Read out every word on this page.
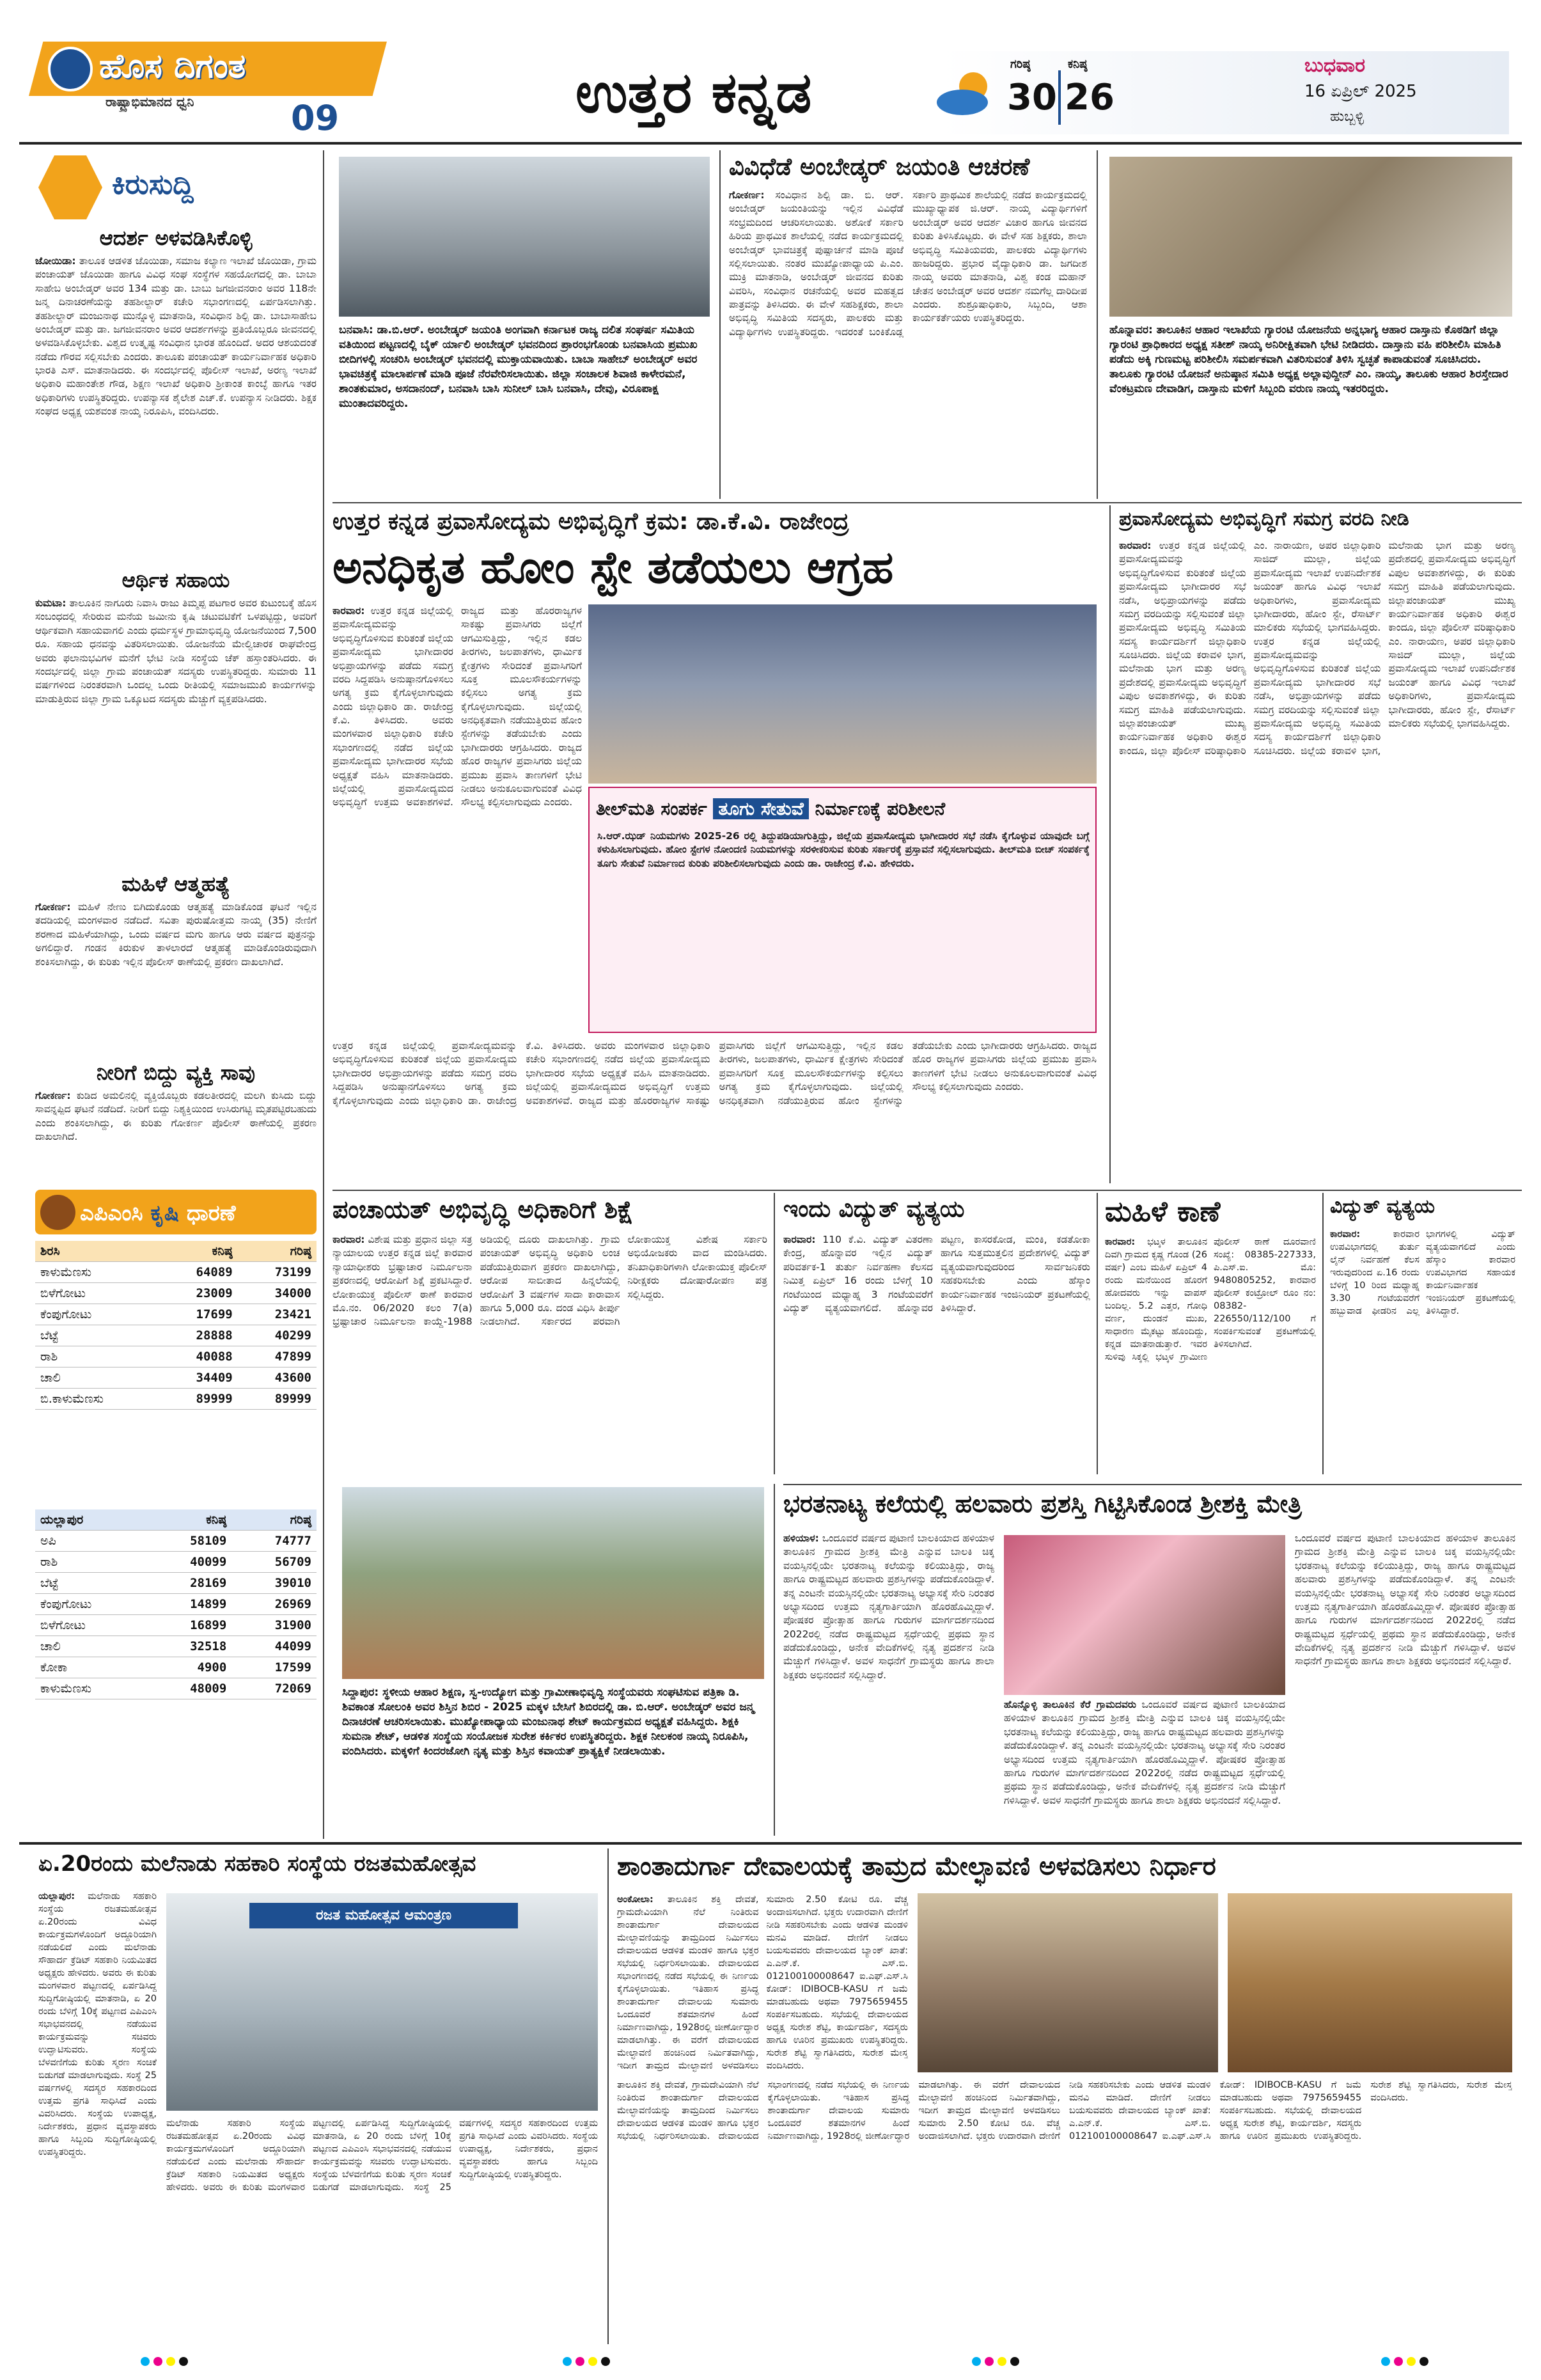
ಹೊಸ ದಿಗಂತ
ರಾಷ್ಟ್ರಾಭಿಮಾನದ ಧ್ವನಿ	09	ಉತ್ತರ ಕನ್ನಡ	ಗರಿಷ್ಠ
30
ಕನಿಷ್ಠ
26
ಬುಧವಾರ
16 ಏಪ್ರಿಲ್ 2025
ಹುಬ್ಬಳ್ಳಿ
ಕಿರುಸುದ್ದಿ
ಆದರ್ಶ ಅಳವಡಿಸಿಕೊಳ್ಳಿ
ಜೋಯಿಡಾ: ತಾಲೂಕ ಆಡಳಿತ ಜೊಯಿಡಾ, ಸಮಾಜ ಕಲ್ಯಾಣ ಇಲಾಖೆ ಜೊಯಿಡಾ, ಗ್ರಾಮ ಪಂಚಾಯತ್ ಜೊಯಿಡಾ ಹಾಗೂ ವಿವಿಧ ಸಂಘ ಸಂಸ್ಥೆಗಳ ಸಹಯೋಗದಲ್ಲಿ ಡಾ. ಬಾಬಾ ಸಾಹೇಬ ಅಂಬೇಡ್ಕರ್ ಅವರ 134 ಮತ್ತು ಡಾ. ಬಾಬು ಜಗಜೀವನರಾಂ ಅವರ 118ನೇ ಜನ್ಮ ದಿನಾಚರಣೆಯನ್ನು ತಹಶೀಲ್ದಾರ್ ಕಚೇರಿ ಸಭಾಂಗಣದಲ್ಲಿ ಏರ್ಪಡಿಸಲಾಗಿತ್ತು. ತಹಶೀಲ್ದಾರ್ ಮಂಜುನಾಥ ಮುನ್ನೊಳ್ಳಿ ಮಾತನಾಡಿ, ಸಂವಿಧಾನ ಶಿಲ್ಪಿ ಡಾ. ಬಾಬಾಸಾಹೇಬ ಅಂಬೇಡ್ಕರ್ ಮತ್ತು ಡಾ. ಜಗಜೀವನರಾಂ ಅವರ ಆದರ್ಶಗಳನ್ನು ಪ್ರತಿಯೊಬ್ಬರೂ ಜೀವನದಲ್ಲಿ ಅಳವಡಿಸಿಕೊಳ್ಳಬೇಕು. ವಿಶ್ವದ ಉತ್ಕೃಷ್ಟ ಸಂವಿಧಾನ ಭಾರತ ಹೊಂದಿದೆ. ಅದರ ಆಶಯದಂತೆ ನಡೆದು ಗೌರವ ಸಲ್ಲಿಸಬೇಕು ಎಂದರು. ತಾಲೂಕು ಪಂಚಾಯತ್ ಕಾರ್ಯನಿರ್ವಾಹಕ ಅಧಿಕಾರಿ ಭಾರತಿ ಎಸ್. ಮಾತನಾಡಿದರು. ಈ ಸಂದರ್ಭದಲ್ಲಿ ಪೊಲೀಸ್ ಇಲಾಖೆ, ಅರಣ್ಯ ಇಲಾಖೆ ಅಧಿಕಾರಿ ಮಹಾಂತೇಶ ಗೌಡ, ಶಿಕ್ಷಣ ಇಲಾಖೆ ಅಧಿಕಾರಿ ಶ್ರೀಕಾಂತ ಕಾಂಬ್ಳೆ ಹಾಗೂ ಇತರ ಅಧಿಕಾರಿಗಳು ಉಪಸ್ಥಿತರಿದ್ದರು. ಉಪನ್ಯಾಸಕ ಶೈಲೇಶ ಎಚ್.ಕೆ. ಉಪನ್ಯಾಸ ನೀಡಿದರು. ಶಿಕ್ಷಕ ಸಂಘದ ಅಧ್ಯಕ್ಷ ಯಶವಂತ ನಾಯ್ಕ ನಿರೂಪಿಸಿ, ವಂದಿಸಿದರು.
ಆರ್ಥಿಕ ಸಹಾಯ
ಕುಮಟಾ: ತಾಲೂಕಿನ ನಾಗೂರು ನಿವಾಸಿ ರಾಜು ತಿಮ್ಮಪ್ಪ ಪಟಗಾರ ಅವರ ಕುಟುಂಬಕ್ಕೆ ಹೊಸ ಸಂಬಂಧದಲ್ಲಿ ಸೇರಿರುವ ಮನೆಯ ಜಮೀನು ಕೃಷಿ ಚಟುವಟಿಕೆಗೆ ಒಳಪಟ್ಟಿದ್ದು, ಅವರಿಗೆ ಆರ್ಥಿಕವಾಗಿ ಸಹಾಯವಾಗಲಿ ಎಂದು ಧರ್ಮಸ್ಥಳ ಗ್ರಾಮಾಭಿವೃದ್ಧಿ ಯೋಜನೆಯಿಂದ 7,500 ರೂ. ಸಹಾಯ ಧನವನ್ನು ವಿತರಿಸಲಾಯಿತು. ಯೋಜನೆಯ ಮೇಲ್ವಿಚಾರಕ ರಾಘವೇಂದ್ರ ಅವರು ಫಲಾನುಭವಿಗಳ ಮನೆಗೆ ಭೇಟಿ ನೀಡಿ ಸಂಸ್ಥೆಯ ಚೆಕ್ ಹಸ್ತಾಂತರಿಸಿದರು. ಈ ಸಂದರ್ಭದಲ್ಲಿ ಜಿಲ್ಲಾ ಗ್ರಾಮ ಪಂಚಾಯತ್ ಸದಸ್ಯರು ಉಪಸ್ಥಿತರಿದ್ದರು. ಸುಮಾರು 11 ವರ್ಷಗಳಿಂದ ನಿರಂತರವಾಗಿ ಒಂದಲ್ಲ ಒಂದು ರೀತಿಯಲ್ಲಿ ಸಮಾಜಮುಖಿ ಕಾರ್ಯಗಳನ್ನು ಮಾಡುತ್ತಿರುವ ಜಿಲ್ಲಾ ಗ್ರಾಮ ಒಕ್ಕೂಟದ ಸದಸ್ಯರು ಮೆಚ್ಚುಗೆ ವ್ಯಕ್ತಪಡಿಸಿದರು.
ಮಹಿಳೆ ಆತ್ಮಹತ್ಯೆ
ಗೋಕರ್ಣ: ಮಹಿಳೆ ನೇಣು ಬಿಗಿದುಕೊಂಡು ಆತ್ಮಹತ್ಯೆ ಮಾಡಿಕೊಂಡ ಘಟನೆ ಇಲ್ಲಿನ ತದಡಿಯಲ್ಲಿ ಮಂಗಳವಾರ ನಡೆದಿದೆ. ಸವಿತಾ ಪುರುಷೋತ್ತಮ ನಾಯ್ಕ (35) ನೇಣಿಗೆ ಶರಣಾದ ಮಹಿಳೆಯಾಗಿದ್ದು, ಒಂದು ವರ್ಷದ ಮಗು ಹಾಗೂ ಆರು ವರ್ಷದ ಪುತ್ರನನ್ನು ಅಗಲಿದ್ದಾರೆ. ಗಂಡನ ಕಿರುಕುಳ ತಾಳಲಾರದೆ ಆತ್ಮಹತ್ಯೆ ಮಾಡಿಕೊಂಡಿರುವುದಾಗಿ ಶಂಕಿಸಲಾಗಿದ್ದು, ಈ ಕುರಿತು ಇಲ್ಲಿನ ಪೊಲೀಸ್ ಠಾಣೆಯಲ್ಲಿ ಪ್ರಕರಣ ದಾಖಲಾಗಿದೆ.
ನೀರಿಗೆ ಬಿದ್ದು ವ್ಯಕ್ತಿ ಸಾವು
ಗೋಕರ್ಣ: ಕುಡಿದ ಅಮಲಿನಲ್ಲಿ ವ್ಯಕ್ತಿಯೊಬ್ಬರು ಕಡಲತೀರದಲ್ಲಿ ಮಲಗಿ ಕುಸಿದು ಬಿದ್ದು ಸಾವನ್ನಪ್ಪಿದ ಘಟನೆ ನಡೆದಿದೆ. ನೀರಿಗೆ ಬಿದ್ದು ನಿಶ್ಯಕ್ತಿಯಿಂದ ಉಸಿರುಗಟ್ಟಿ ಮೃತಪಟ್ಟಿರಬಹುದು ಎಂದು ಶಂಕಿಸಲಾಗಿದ್ದು, ಈ ಕುರಿತು ಗೋಕರ್ಣ ಪೊಲೀಸ್ ಠಾಣೆಯಲ್ಲಿ ಪ್ರಕರಣ ದಾಖಲಾಗಿದೆ.
ಎಪಿಎಂಸಿ ಕೃಷಿ ಧಾರಣೆ
ಶಿರಸಿ	ಕನಿಷ್ಠ	ಗರಿಷ್ಠ
ಕಾಳುಮೆಣಸು	64089	73199
ಬಿಳೆಗೋಟು	23009	34000
ಕೆಂಪುಗೋಟು	17699	23421
ಬೆಟ್ಟೆ	28888	40299
ರಾಶಿ	40088	47899
ಚಾಲಿ	34409	43600
ಬಿ.ಕಾಳುಮೆಣಸು	89999	89999
ಯಲ್ಲಾಪುರ	ಕನಿಷ್ಠ	ಗರಿಷ್ಠ
ಅಪಿ	58109	74777
ರಾಶಿ	40099	56709
ಬೆಟ್ಟೆ	28169	39010
ಕೆಂಪುಗೋಟು	14899	26969
ಬಿಳೆಗೋಟು	16899	31900
ಚಾಲಿ	32518	44099
ಕೋಕಾ	4900	17599
ಕಾಳುಮೆಣಸು	48009	72069
ಬನವಾಸಿ: ಡಾ.ಬಿ.ಆರ್. ಅಂಬೇಡ್ಕರ್ ಜಯಂತಿ ಅಂಗವಾಗಿ ಕರ್ನಾಟಕ ರಾಜ್ಯ ದಲಿತ ಸಂಘರ್ಷ ಸಮಿತಿಯ ವತಿಯಿಂದ ಪಟ್ಟಣದಲ್ಲಿ ಬೈಕ್ ರ್ಯಾಲಿ ಅಂಬೇಡ್ಕರ್ ಭವನದಿಂದ ಪ್ರಾರಂಭಗೊಂಡು ಬನವಾಸಿಯ ಪ್ರಮುಖ ಬೀದಿಗಳಲ್ಲಿ ಸಂಚರಿಸಿ ಅಂಬೇಡ್ಕರ್ ಭವನದಲ್ಲಿ ಮುಕ್ತಾಯವಾಯಿತು. ಬಾಬಾ ಸಾಹೇಬ್ ಅಂಬೇಡ್ಕರ್ ಅವರ ಭಾವಚಿತ್ರಕ್ಕೆ ಮಾಲಾರ್ಪಣೆ ಮಾಡಿ ಪೂಜೆ ನೆರವೇರಿಸಲಾಯಿತು. ಜಿಲ್ಲಾ ಸಂಚಾಲಕ ಶಿವಾಜಿ ಕಾಳೇರಮನೆ, ಶಾಂತಕುಮಾರ, ಅಸದಾನಂದ್, ಬನವಾಸಿ ಬಾಸಿ ಸುನೀಲ್ ಬಾಸಿ ಬನವಾಸಿ, ದೇವು, ವಿರೂಪಾಕ್ಷ ಮುಂತಾದವರಿದ್ದರು.
ವಿವಿಧೆಡೆ ಅಂಬೇಡ್ಕರ್ ಜಯಂತಿ ಆಚರಣೆ
ಗೋಕರ್ಣ: ಸಂವಿಧಾನ ಶಿಲ್ಪಿ ಡಾ. ಬಿ. ಆರ್. ಅಂಬೇಡ್ಕರ್ ಜಯಂತಿಯನ್ನು ಇಲ್ಲಿನ ವಿವಿಧೆಡೆ ಸಂಭ್ರಮದಿಂದ ಆಚರಿಸಲಾಯಿತು. ಅಶೋಕೆ ಸರ್ಕಾರಿ ಹಿರಿಯ ಪ್ರಾಥಮಿಕ ಶಾಲೆಯಲ್ಲಿ ನಡೆದ ಕಾರ್ಯಕ್ರಮದಲ್ಲಿ ಅಂಬೇಡ್ಕರ್ ಭಾವಚಿತ್ರಕ್ಕೆ ಪುಷ್ಪಾರ್ಚನೆ ಮಾಡಿ ಪೂಜೆ ಸಲ್ಲಿಸಲಾಯಿತು. ನಂತರ ಮುಖ್ಯೋಪಾಧ್ಯಾಯ ಪಿ.ಎಂ. ಮುಕ್ರಿ ಮಾತನಾಡಿ, ಅಂಬೇಡ್ಕರ್ ಜೀವನದ ಕುರಿತು ವಿವರಿಸಿ, ಸಂವಿಧಾನ ರಚನೆಯಲ್ಲಿ ಅವರ ಮಹತ್ವದ ಪಾತ್ರವನ್ನು ತಿಳಿಸಿದರು. ಈ ವೇಳೆ ಸಹಶಿಕ್ಷಕರು, ಶಾಲಾ ಅಭಿವೃದ್ಧಿ ಸಮಿತಿಯ ಸದಸ್ಯರು, ಪಾಲಕರು ಮತ್ತು ವಿದ್ಯಾರ್ಥಿಗಳು ಉಪಸ್ಥಿತರಿದ್ದರು. ಇದರಂತೆ ಬಂಕಿಕೊಡ್ಲ ಸರ್ಕಾರಿ ಪ್ರಾಥಮಿಕ ಶಾಲೆಯಲ್ಲಿ ನಡೆದ ಕಾರ್ಯಕ್ರಮದಲ್ಲಿ ಮುಖ್ಯಾಧ್ಯಾಪಕ ಜಿ.ಆರ್. ನಾಯ್ಕ ವಿದ್ಯಾರ್ಥಿಗಳಿಗೆ ಅಂಬೇಡ್ಕರ್ ಅವರ ಆದರ್ಶ ವಿಚಾರ ಹಾಗೂ ಜೀವನದ ಕುರಿತು ತಿಳಿಸಿಕೊಟ್ಟರು. ಈ ವೇಳೆ ಸಹ ಶಿಕ್ಷಕರು, ಶಾಲಾ ಅಭಿವೃದ್ಧಿ ಸಮಿತಿಯವರು, ಪಾಲಕರು ವಿದ್ಯಾರ್ಥಿಗಳು ಹಾಜರಿದ್ದರು. ಪ್ರಭಾರ ವೈದ್ಯಾಧಿಕಾರಿ ಡಾ. ಜಗದೀಶ ನಾಯ್ಕ ಅವರು ಮಾತನಾಡಿ, ವಿಶ್ವ ಕಂಡ ಮಹಾನ್ ಚೇತನ ಅಂಬೇಡ್ಕರ್ ಅವರ ಆದರ್ಶ ನಮಗೆಲ್ಲ ದಾರಿದೀಪ ಎಂದರು. ಶುಶ್ರೂಷಾಧಿಕಾರಿ, ಸಿಬ್ಬಂದಿ, ಆಶಾ ಕಾರ್ಯಕರ್ತೆಯರು ಉಪಸ್ಥಿತರಿದ್ದರು.
ಹೊನ್ನಾವರ: ತಾಲೂಕಿನ ಆಹಾರ ಇಲಾಖೆಯ ಗ್ಯಾರಂಟಿ ಯೋಜನೆಯ ಅನ್ನಭಾಗ್ಯ ಆಹಾರ ದಾಸ್ತಾನು ಕೊಠಡಿಗೆ ಜಿಲ್ಲಾ ಗ್ಯಾರಂಟಿ ಪ್ರಾಧಿಕಾರದ ಅಧ್ಯಕ್ಷ ಸತೀಶ್ ನಾಯ್ಕ ಅನಿರೀಕ್ಷಿತವಾಗಿ ಭೇಟಿ ನೀಡಿದರು. ದಾಸ್ತಾನು ವಹಿ ಪರಿಶೀಲಿಸಿ ಮಾಹಿತಿ ಪಡೆದು ಅಕ್ಕಿ ಗುಣಮಟ್ಟ ಪರಿಶೀಲಿಸಿ ಸಮರ್ಪಕವಾಗಿ ವಿತರಿಸುವಂತೆ ತಿಳಿಸಿ ಸ್ವಚ್ಛತೆ ಕಾಪಾಡುವಂತೆ ಸೂಚಿಸಿದರು. ತಾಲೂಕು ಗ್ಯಾರಂಟಿ ಯೋಜನೆ ಅನುಷ್ಠಾನ ಸಮಿತಿ ಅಧ್ಯಕ್ಷ ಅಲ್ಲಾವುದ್ದೀನ್ ಎಂ. ನಾಯ್ಕ, ತಾಲೂಕು ಆಹಾರ ಶಿರಸ್ತೇದಾರ ವೆಂಕಟ್ರಮಣ ದೇವಾಡಿಗ, ದಾಸ್ತಾನು ಮಳಿಗೆ ಸಿಬ್ಬಂದಿ ವರುಣ ನಾಯ್ಕ ಇತರರಿದ್ದರು.
ಉತ್ತರ ಕನ್ನಡ ಪ್ರವಾಸೋದ್ಯಮ ಅಭಿವೃದ್ಧಿಗೆ ಕ್ರಮ: ಡಾ.ಕೆ.ವಿ. ರಾಜೇಂದ್ರ
ಅನಧಿಕೃತ ಹೋಂ ಸ್ಟೇ ತಡೆಯಲು ಆಗ್ರಹ
ಕಾರವಾರ: ಉತ್ತರ ಕನ್ನಡ ಜಿಲ್ಲೆಯಲ್ಲಿ ಪ್ರವಾಸೋದ್ಯಮವನ್ನು ಅಭಿವೃದ್ಧಿಗೊಳಿಸುವ ಕುರಿತಂತೆ ಜಿಲ್ಲೆಯ ಪ್ರವಾಸೋದ್ಯಮ ಭಾಗೀದಾರರ ಅಭಿಪ್ರಾಯಗಳನ್ನು ಪಡೆದು ಸಮಗ್ರ ವರದಿ ಸಿದ್ದಪಡಿಸಿ ಅನುಷ್ಠಾನಗೊಳಿಸಲು ಅಗತ್ಯ ಕ್ರಮ ಕೈಗೊಳ್ಳಲಾಗುವುದು ಎಂದು ಜಿಲ್ಲಾಧಿಕಾರಿ ಡಾ. ರಾಜೇಂದ್ರ ಕೆ.ವಿ. ತಿಳಿಸಿದರು. ಅವರು ಮಂಗಳವಾರ ಜಿಲ್ಲಾಧಿಕಾರಿ ಕಚೇರಿ ಸಭಾಂಗಣದಲ್ಲಿ ನಡೆದ ಜಿಲ್ಲೆಯ ಪ್ರವಾಸೋದ್ಯಮ ಭಾಗೀದಾರರ ಸಭೆಯ ಅಧ್ಯಕ್ಷತೆ ವಹಿಸಿ ಮಾತನಾಡಿದರು. ಜಿಲ್ಲೆಯಲ್ಲಿ ಪ್ರವಾಸೋದ್ಯಮದ ಅಭಿವೃದ್ಧಿಗೆ ಉತ್ತಮ ಅವಕಾಶಗಳಿವೆ. ರಾಜ್ಯದ ಮತ್ತು ಹೊರರಾಜ್ಯಗಳ ಸಾಕಷ್ಟು ಪ್ರವಾಸಿಗರು ಜಿಲ್ಲೆಗೆ ಆಗಮಿಸುತ್ತಿದ್ದು, ಇಲ್ಲಿನ ಕಡಲ ತೀರಗಳು, ಜಲಪಾತಗಳು, ಧಾರ್ಮಿಕ ಕ್ಷೇತ್ರಗಳು ಸೇರಿದಂತೆ ಪ್ರವಾಸಿಗರಿಗೆ ಸೂಕ್ತ ಮೂಲಸೌಕರ್ಯಗಳನ್ನು ಕಲ್ಪಿಸಲು ಅಗತ್ಯ ಕ್ರಮ ಕೈಗೊಳ್ಳಲಾಗುವುದು. ಜಿಲ್ಲೆಯಲ್ಲಿ ಅನಧಿಕೃತವಾಗಿ ನಡೆಯುತ್ತಿರುವ ಹೋಂ ಸ್ಟೇಗಳನ್ನು ತಡೆಯಬೇಕು ಎಂದು ಭಾಗೀದಾರರು ಆಗ್ರಹಿಸಿದರು. ರಾಜ್ಯದ ಹೊರ ರಾಜ್ಯಗಳ ಪ್ರವಾಸಿಗರು ಜಿಲ್ಲೆಯ ಪ್ರಮುಖ ಪ್ರವಾಸಿ ತಾಣಗಳಿಗೆ ಭೇಟಿ ನೀಡಲು ಅನುಕೂಲವಾಗುವಂತೆ ವಿವಿಧ ಸೌಲಭ್ಯ ಕಲ್ಪಿಸಲಾಗುವುದು ಎಂದರು.	ತೀಲ್‌ಮತಿ ಸಂಪರ್ಕ ತೂಗು ಸೇತುವೆ ನಿರ್ಮಾಣಕ್ಕೆ ಪರಿಶೀಲನೆ
ಸಿ.ಆರ್.ಝಡ್ ನಿಯಮಗಳು 2025-26 ರಲ್ಲಿ ತಿದ್ದುಪಡಿಯಾಗುತ್ತಿದ್ದು, ಜಿಲ್ಲೆಯ ಪ್ರವಾಸೋದ್ಯಮ ಭಾಗೀದಾರರ ಸಭೆ ನಡೆಸಿ ಕೈಗೊಳ್ಳುವ ಯಾವುದೇ ಬಗ್ಗೆ ಕಳುಹಿಸಲಾಗುವುದು. ಹೋಂ ಸ್ಟೇಗಳ ನೋಂದಣಿ ನಿಯಮಗಳನ್ನು ಸರಳೀಕರಿಸುವ ಕುರಿತು ಸರ್ಕಾರಕ್ಕೆ ಪ್ರಸ್ತಾವನೆ ಸಲ್ಲಿಸಲಾಗುವುದು. ತೀಲ್‌ಮತಿ ಬೀಚ್ ಸಂಪರ್ಕಕ್ಕೆ ತೂಗು ಸೇತುವೆ ನಿರ್ಮಾಣದ ಕುರಿತು ಪರಿಶೀಲಿಸಲಾಗುವುದು ಎಂದು ಡಾ. ರಾಜೇಂದ್ರ ಕೆ.ವಿ. ಹೇಳಿದರು.
ಉತ್ತರ ಕನ್ನಡ ಜಿಲ್ಲೆಯಲ್ಲಿ ಪ್ರವಾಸೋದ್ಯಮವನ್ನು ಅಭಿವೃದ್ಧಿಗೊಳಿಸುವ ಕುರಿತಂತೆ ಜಿಲ್ಲೆಯ ಪ್ರವಾಸೋದ್ಯಮ ಭಾಗೀದಾರರ ಅಭಿಪ್ರಾಯಗಳನ್ನು ಪಡೆದು ಸಮಗ್ರ ವರದಿ ಸಿದ್ದಪಡಿಸಿ ಅನುಷ್ಠಾನಗೊಳಿಸಲು ಅಗತ್ಯ ಕ್ರಮ ಕೈಗೊಳ್ಳಲಾಗುವುದು ಎಂದು ಜಿಲ್ಲಾಧಿಕಾರಿ ಡಾ. ರಾಜೇಂದ್ರ ಕೆ.ವಿ. ತಿಳಿಸಿದರು. ಅವರು ಮಂಗಳವಾರ ಜಿಲ್ಲಾಧಿಕಾರಿ ಕಚೇರಿ ಸಭಾಂಗಣದಲ್ಲಿ ನಡೆದ ಜಿಲ್ಲೆಯ ಪ್ರವಾಸೋದ್ಯಮ ಭಾಗೀದಾರರ ಸಭೆಯ ಅಧ್ಯಕ್ಷತೆ ವಹಿಸಿ ಮಾತನಾಡಿದರು. ಜಿಲ್ಲೆಯಲ್ಲಿ ಪ್ರವಾಸೋದ್ಯಮದ ಅಭಿವೃದ್ಧಿಗೆ ಉತ್ತಮ ಅವಕಾಶಗಳಿವೆ. ರಾಜ್ಯದ ಮತ್ತು ಹೊರರಾಜ್ಯಗಳ ಸಾಕಷ್ಟು ಪ್ರವಾಸಿಗರು ಜಿಲ್ಲೆಗೆ ಆಗಮಿಸುತ್ತಿದ್ದು, ಇಲ್ಲಿನ ಕಡಲ ತೀರಗಳು, ಜಲಪಾತಗಳು, ಧಾರ್ಮಿಕ ಕ್ಷೇತ್ರಗಳು ಸೇರಿದಂತೆ ಪ್ರವಾಸಿಗರಿಗೆ ಸೂಕ್ತ ಮೂಲಸೌಕರ್ಯಗಳನ್ನು ಕಲ್ಪಿಸಲು ಅಗತ್ಯ ಕ್ರಮ ಕೈಗೊಳ್ಳಲಾಗುವುದು. ಜಿಲ್ಲೆಯಲ್ಲಿ ಅನಧಿಕೃತವಾಗಿ ನಡೆಯುತ್ತಿರುವ ಹೋಂ ಸ್ಟೇಗಳನ್ನು ತಡೆಯಬೇಕು ಎಂದು ಭಾಗೀದಾರರು ಆಗ್ರಹಿಸಿದರು. ರಾಜ್ಯದ ಹೊರ ರಾಜ್ಯಗಳ ಪ್ರವಾಸಿಗರು ಜಿಲ್ಲೆಯ ಪ್ರಮುಖ ಪ್ರವಾಸಿ ತಾಣಗಳಿಗೆ ಭೇಟಿ ನೀಡಲು ಅನುಕೂಲವಾಗುವಂತೆ ವಿವಿಧ ಸೌಲಭ್ಯ ಕಲ್ಪಿಸಲಾಗುವುದು ಎಂದರು.
ಪ್ರವಾಸೋದ್ಯಮ ಅಭಿವೃದ್ಧಿಗೆ ಸಮಗ್ರ ವರದಿ ನೀಡಿ
ಕಾರವಾರ: ಉತ್ತರ ಕನ್ನಡ ಜಿಲ್ಲೆಯಲ್ಲಿ ಪ್ರವಾಸೋದ್ಯಮವನ್ನು ಅಭಿವೃದ್ಧಿಗೊಳಿಸುವ ಕುರಿತಂತೆ ಜಿಲ್ಲೆಯ ಪ್ರವಾಸೋದ್ಯಮ ಭಾಗೀದಾರರ ಸಭೆ ನಡೆಸಿ, ಅಭಿಪ್ರಾಯಗಳನ್ನು ಪಡೆದು ಸಮಗ್ರ ವರದಿಯನ್ನು ಸಲ್ಲಿಸುವಂತೆ ಜಿಲ್ಲಾ ಪ್ರವಾಸೋದ್ಯಮ ಅಭಿವೃದ್ಧಿ ಸಮಿತಿಯ ಸದಸ್ಯ ಕಾರ್ಯದರ್ಶಿಗೆ ಜಿಲ್ಲಾಧಿಕಾರಿ ಸೂಚಿಸಿದರು. ಜಿಲ್ಲೆಯ ಕರಾವಳಿ ಭಾಗ, ಮಲೆನಾಡು ಭಾಗ ಮತ್ತು ಅರಣ್ಯ ಪ್ರದೇಶದಲ್ಲಿ ಪ್ರವಾಸೋದ್ಯಮ ಅಭಿವೃದ್ಧಿಗೆ ವಿಪುಲ ಅವಕಾಶಗಳಿದ್ದು, ಈ ಕುರಿತು ಸಮಗ್ರ ಮಾಹಿತಿ ಪಡೆಯಲಾಗುವುದು. ಜಿಲ್ಲಾಪಂಚಾಯತ್ ಮುಖ್ಯ ಕಾರ್ಯನಿರ್ವಾಹಕ ಅಧಿಕಾರಿ ಈಶ್ವರ ಕಾಂದೂ, ಜಿಲ್ಲಾ ಪೊಲೀಸ್ ವರಿಷ್ಠಾಧಿಕಾರಿ ಎಂ. ನಾರಾಯಣ, ಅಪರ ಜಿಲ್ಲಾಧಿಕಾರಿ ಸಾಜಿದ್ ಮುಲ್ಲಾ, ಜಿಲ್ಲೆಯ ಪ್ರವಾಸೋದ್ಯಮ ಇಲಾಖೆ ಉಪನಿರ್ದೇಶಕ ಜಯಂತ್ ಹಾಗೂ ವಿವಿಧ ಇಲಾಖೆ ಅಧಿಕಾರಿಗಳು, ಪ್ರವಾಸೋದ್ಯಮ ಭಾಗೀದಾರರು, ಹೋಂ ಸ್ಟೇ, ರೆಸಾರ್ಟ್ ಮಾಲಿಕರು ಸಭೆಯಲ್ಲಿ ಭಾಗವಹಿಸಿದ್ದರು. ಉತ್ತರ ಕನ್ನಡ ಜಿಲ್ಲೆಯಲ್ಲಿ ಪ್ರವಾಸೋದ್ಯಮವನ್ನು ಅಭಿವೃದ್ಧಿಗೊಳಿಸುವ ಕುರಿತಂತೆ ಜಿಲ್ಲೆಯ ಪ್ರವಾಸೋದ್ಯಮ ಭಾಗೀದಾರರ ಸಭೆ ನಡೆಸಿ, ಅಭಿಪ್ರಾಯಗಳನ್ನು ಪಡೆದು ಸಮಗ್ರ ವರದಿಯನ್ನು ಸಲ್ಲಿಸುವಂತೆ ಜಿಲ್ಲಾ ಪ್ರವಾಸೋದ್ಯಮ ಅಭಿವೃದ್ಧಿ ಸಮಿತಿಯ ಸದಸ್ಯ ಕಾರ್ಯದರ್ಶಿಗೆ ಜಿಲ್ಲಾಧಿಕಾರಿ ಸೂಚಿಸಿದರು. ಜಿಲ್ಲೆಯ ಕರಾವಳಿ ಭಾಗ, ಮಲೆನಾಡು ಭಾಗ ಮತ್ತು ಅರಣ್ಯ ಪ್ರದೇಶದಲ್ಲಿ ಪ್ರವಾಸೋದ್ಯಮ ಅಭಿವೃದ್ಧಿಗೆ ವಿಪುಲ ಅವಕಾಶಗಳಿದ್ದು, ಈ ಕುರಿತು ಸಮಗ್ರ ಮಾಹಿತಿ ಪಡೆಯಲಾಗುವುದು. ಜಿಲ್ಲಾಪಂಚಾಯತ್ ಮುಖ್ಯ ಕಾರ್ಯನಿರ್ವಾಹಕ ಅಧಿಕಾರಿ ಈಶ್ವರ ಕಾಂದೂ, ಜಿಲ್ಲಾ ಪೊಲೀಸ್ ವರಿಷ್ಠಾಧಿಕಾರಿ ಎಂ. ನಾರಾಯಣ, ಅಪರ ಜಿಲ್ಲಾಧಿಕಾರಿ ಸಾಜಿದ್ ಮುಲ್ಲಾ, ಜಿಲ್ಲೆಯ ಪ್ರವಾಸೋದ್ಯಮ ಇಲಾಖೆ ಉಪನಿರ್ದೇಶಕ ಜಯಂತ್ ಹಾಗೂ ವಿವಿಧ ಇಲಾಖೆ ಅಧಿಕಾರಿಗಳು, ಪ್ರವಾಸೋದ್ಯಮ ಭಾಗೀದಾರರು, ಹೋಂ ಸ್ಟೇ, ರೆಸಾರ್ಟ್ ಮಾಲಿಕರು ಸಭೆಯಲ್ಲಿ ಭಾಗವಹಿಸಿದ್ದರು.
ಪಂಚಾಯತ್ ಅಭಿವೃದ್ಧಿ ಅಧಿಕಾರಿಗೆ ಶಿಕ್ಷೆ
ಕಾರವಾರ: ವಿಶೇಷ ಮತ್ತು ಪ್ರಧಾನ ಜಿಲ್ಲಾ ಸತ್ರ ನ್ಯಾಯಾಲಯ ಉತ್ತರ ಕನ್ನಡ ಜಿಲ್ಲೆ ಕಾರವಾರ ನ್ಯಾಯಾಧೀಶರು ಭ್ರಷ್ಟಾಚಾರ ನಿರ್ಮೂಲನಾ ಪ್ರಕರಣದಲ್ಲಿ ಆರೋಪಿಗೆ ಶಿಕ್ಷೆ ಪ್ರಕಟಿಸಿದ್ದಾರೆ. ಲೋಕಾಯುಕ್ತ ಪೊಲೀಸ್ ಠಾಣೆ ಕಾರವಾರ ಮೊ.ನಂ. 06/2020 ಕಲಂ 7(a) ಭ್ರಷ್ಟಾಚಾರ ನಿರ್ಮೂಲನಾ ಕಾಯ್ದೆ-1988 ಅಡಿಯಲ್ಲಿ ದೂರು ದಾಖಲಾಗಿತ್ತು. ಗ್ರಾಮ ಪಂಚಾಯತ್ ಅಭಿವೃದ್ಧಿ ಅಧಿಕಾರಿ ಲಂಚ ಪಡೆಯುತ್ತಿರುವಾಗ ಪ್ರಕರಣ ದಾಖಲಾಗಿದ್ದು, ಆರೋಪ ಸಾಬೀತಾದ ಹಿನ್ನಲೆಯಲ್ಲಿ ಆರೋಪಿಗೆ 3 ವರ್ಷಗಳ ಸಾದಾ ಕಾರಾವಾಸ ಹಾಗೂ 5,000 ರೂ. ದಂಡ ವಿಧಿಸಿ ತೀರ್ಪು ನೀಡಲಾಗಿದೆ. ಸರ್ಕಾರದ ಪರವಾಗಿ ಲೋಕಾಯುಕ್ತ ವಿಶೇಷ ಸರ್ಕಾರಿ ಅಭಿಯೋಜಕರು ವಾದ ಮಂಡಿಸಿದರು. ತನಿಖಾಧಿಕಾರಿಗಳಾಗಿ ಲೋಕಾಯುಕ್ತ ಪೊಲೀಸ್ ನಿರೀಕ್ಷಕರು ದೋಷಾರೋಪಣ ಪತ್ರ ಸಲ್ಲಿಸಿದ್ದರು.
ಇಂದು ವಿದ್ಯುತ್ ವ್ಯತ್ಯಯ
ಕಾರವಾರ: 110 ಕೆ.ವಿ. ವಿದ್ಯುತ್ ವಿತರಣಾ ಕೇಂದ್ರ, ಹೊನ್ನಾವರ ಇಲ್ಲಿನ ವಿದ್ಯುತ್ ಪರಿವರ್ತಕ-1 ತುರ್ತು ನಿರ್ವಹಣಾ ಕೆಲಸದ ನಿಮಿತ್ತ ಏಪ್ರಿಲ್ 16 ರಂದು ಬೆಳಿಗ್ಗೆ 10 ಗಂಟೆಯಿಂದ ಮಧ್ಯಾಹ್ನ 3 ಗಂಟೆಯವರೆಗೆ ವಿದ್ಯುತ್ ವ್ಯತ್ಯಯವಾಗಲಿದೆ. ಹೊನ್ನಾವರ ಪಟ್ಟಣ, ಕಾಸರಕೋಡ, ಮಂಕಿ, ಕಡತೋಕಾ ಹಾಗೂ ಸುತ್ತಮುತ್ತಲಿನ ಪ್ರದೇಶಗಳಲ್ಲಿ ವಿದ್ಯುತ್ ವ್ಯತ್ಯಯವಾಗುವುದರಿಂದ ಸಾರ್ವಜನಿಕರು ಸಹಕರಿಸಬೇಕು ಎಂದು ಹೆಸ್ಕಾಂ ಕಾರ್ಯನಿರ್ವಾಹಕ ಇಂಜಿನಿಯರ್ ಪ್ರಕಟಣೆಯಲ್ಲಿ ತಿಳಿಸಿದ್ದಾರೆ.
ಮಹಿಳೆ ಕಾಣೆ
ಕಾರವಾರ: ಭಟ್ಕಳ ತಾಲೂಕಿನ ದಿವಗಿ ಗ್ರಾಮದ ಕೃಷ್ಣ ಗೊಂಡ (26 ವರ್ಷ) ಎಂಬ ಮಹಿಳೆ ಏಪ್ರಿಲ್ 4 ರಂದು ಮನೆಯಿಂದ ಹೊರಗೆ ಹೋದವರು ಇನ್ನು ವಾಪಸ್ ಬಂದಿಲ್ಲ. 5.2 ಎತ್ತರ, ಗೋಧಿ ವರ್ಣ, ದುಂಡನೆ ಮುಖ, ಸಾಧಾರಣ ಮೈಕಟ್ಟು ಹೊಂದಿದ್ದು, ಕನ್ನಡ ಮಾತನಾಡುತ್ತಾರೆ. ಇವರ ಸುಳಿವು ಸಿಕ್ಕಲ್ಲಿ ಭಟ್ಕಳ ಗ್ರಾಮೀಣ ಪೊಲೀಸ್ ಠಾಣೆ ದೂರವಾಣಿ ಸಂಖ್ಯೆ: 08385-227333, ಪಿ.ಎಸ್.ಐ. ಮೊ: 9480805252, ಕಾರವಾರ ಪೊಲೀಸ್ ಕಂಟ್ರೋಲ್ ರೂಂ ನಂ: 08382-226550/112/100 ಗೆ ಸಂಪರ್ಕಿಸುವಂತೆ ಪ್ರಕಟಣೆಯಲ್ಲಿ ತಿಳಿಸಲಾಗಿದೆ.
ವಿದ್ಯುತ್ ವ್ಯತ್ಯಯ
ಕಾರವಾರ:	ಕಾರವಾರ ಉಪವಿಭಾಗದಲ್ಲಿ ತುರ್ತು ಲೈನ್ ನಿರ್ವಹಣೆ ಕೆಲಸ ಇರುವುದರಿಂದ ಏ.16 ರಂದು ಬೆಳಿಗ್ಗೆ 10 ರಿಂದ ಮಧ್ಯಾಹ್ನ 3.30 ಗಂಟೆಯವರೆಗೆ ಹಬ್ಬುವಾಡ ಫೀಡರಿನ ಎಲ್ಲ ಭಾಗಗಳಲ್ಲಿ ವಿದ್ಯುತ್ ವ್ಯತ್ಯಯವಾಗಲಿದೆ ಎಂದು ಹೆಸ್ಕಾಂ ಕಾರವಾರ ಉಪವಿಭಾಗದ ಸಹಾಯಕ ಕಾರ್ಯನಿರ್ವಾಹಕ ಇಂಜಿನಿಯರ್ ಪ್ರಕಟಣೆಯಲ್ಲಿ ತಿಳಿಸಿದ್ದಾರೆ.
ಸಿದ್ದಾಪುರ: ಸ್ಥಳೀಯ ಆಹಾರ ಶಿಕ್ಷಣ, ಸ್ವ-ಉದ್ಯೋಗ ಮತ್ತು ಗ್ರಾಮೀಣಾಭಿವೃದ್ಧಿ ಸಂಸ್ಥೆಯವರು ಸಂಘಟಿಸುವ ಪತ್ರಿಕಾ ಡಿ. ಶಿವಕಾಂತ ಸೋಲಂಕಿ ಅವರ ಶಿಸ್ತಿನ ಶಿಬಿರ - 2025 ಮಕ್ಕಳ ಬೇಸಿಗೆ ಶಿಬಿರದಲ್ಲಿ ಡಾ. ಬಿ.ಆರ್. ಅಂಬೇಡ್ಕರ್ ಅವರ ಜನ್ಮ ದಿನಾಚರಣೆ ಆಚರಿಸಲಾಯಿತು. ಮುಖ್ಯೋಪಾಧ್ಯಾಯ ಮಂಜುನಾಥ ಶೇಟ್ ಕಾರ್ಯಕ್ರಮದ ಅಧ್ಯಕ್ಷತೆ ವಹಿಸಿದ್ದರು. ಶಿಕ್ಷಕಿ ಸುಮನಾ ಶೇಟ್, ಆಡಳಿತ ಸಂಸ್ಥೆಯ ಸಂಯೋಜಕ ಸುರೇಶ ಕರ್ಕಿಕರ ಉಪಸ್ಥಿತರಿದ್ದರು. ಶಿಕ್ಷಕ ನೀಲಕಂಠ ನಾಯ್ಕ ನಿರೂಪಿಸಿ, ವಂದಿಸಿದರು. ಮಕ್ಕಳಿಗೆ ಕಿಂದರಜೋಗಿ ನೃತ್ಯ ಮತ್ತು ಶಿಸ್ತಿನ ಕವಾಯತ್ ಪ್ರಾತ್ಯಕ್ಷಿಕೆ ನೀಡಲಾಯಿತು.
ಭರತನಾಟ್ಯ ಕಲೆಯಲ್ಲಿ ಹಲವಾರು ಪ್ರಶಸ್ತಿ ಗಿಟ್ಟಿಸಿಕೊಂಡ ಶ್ರೀಶಕ್ತಿ ಮೇತ್ರಿ
ಹಳಿಯಾಳ: ಒಂದೂವರೆ ವರ್ಷದ ಪುಟಾಣಿ ಬಾಲಕಿಯಾದ ಹಳಿಯಾಳ ತಾಲೂಕಿನ ಗ್ರಾಮದ ಶ್ರೀಶಕ್ತಿ ಮೇತ್ರಿ ಎನ್ನುವ ಬಾಲಕಿ ಚಿಕ್ಕ ವಯಸ್ಸಿನಲ್ಲಿಯೇ ಭರತನಾಟ್ಯ ಕಲೆಯನ್ನು ಕಲಿಯುತ್ತಿದ್ದು, ರಾಜ್ಯ ಹಾಗೂ ರಾಷ್ಟ್ರಮಟ್ಟದ ಹಲವಾರು ಪ್ರಶಸ್ತಿಗಳನ್ನು ಪಡೆದುಕೊಂಡಿದ್ದಾಳೆ. ತನ್ನ ಎಂಟನೇ ವಯಸ್ಸಿನಲ್ಲಿಯೇ ಭರತನಾಟ್ಯ ಅಭ್ಯಾಸಕ್ಕೆ ಸೇರಿ ನಿರಂತರ ಅಭ್ಯಾಸದಿಂದ ಉತ್ತಮ ನೃತ್ಯಗಾರ್ತಿಯಾಗಿ ಹೊರಹೊಮ್ಮಿದ್ದಾಳೆ. ಪೋಷಕರ ಪ್ರೋತ್ಸಾಹ ಹಾಗೂ ಗುರುಗಳ ಮಾರ್ಗದರ್ಶನದಿಂದ 2022ರಲ್ಲಿ ನಡೆದ ರಾಷ್ಟ್ರಮಟ್ಟದ ಸ್ಪರ್ಧೆಯಲ್ಲಿ ಪ್ರಥಮ ಸ್ಥಾನ ಪಡೆದುಕೊಂಡಿದ್ದು, ಅನೇಕ ವೇದಿಕೆಗಳಲ್ಲಿ ನೃತ್ಯ ಪ್ರದರ್ಶನ ನೀಡಿ ಮೆಚ್ಚುಗೆ ಗಳಿಸಿದ್ದಾಳೆ. ಅವಳ ಸಾಧನೆಗೆ ಗ್ರಾಮಸ್ಥರು ಹಾಗೂ ಶಾಲಾ ಶಿಕ್ಷಕರು ಅಭಿನಂದನೆ ಸಲ್ಲಿಸಿದ್ದಾರೆ.
ಹೊನ್ನೊಳ್ಳಿ ತಾಲೂಕಿನ ಕೆರೆ ಗ್ರಾಮದವರು ಒಂದೂವರೆ ವರ್ಷದ ಪುಟಾಣಿ ಬಾಲಕಿಯಾದ ಹಳಿಯಾಳ ತಾಲೂಕಿನ ಗ್ರಾಮದ ಶ್ರೀಶಕ್ತಿ ಮೇತ್ರಿ ಎನ್ನುವ ಬಾಲಕಿ ಚಿಕ್ಕ ವಯಸ್ಸಿನಲ್ಲಿಯೇ ಭರತನಾಟ್ಯ ಕಲೆಯನ್ನು ಕಲಿಯುತ್ತಿದ್ದು, ರಾಜ್ಯ ಹಾಗೂ ರಾಷ್ಟ್ರಮಟ್ಟದ ಹಲವಾರು ಪ್ರಶಸ್ತಿಗಳನ್ನು ಪಡೆದುಕೊಂಡಿದ್ದಾಳೆ. ತನ್ನ ಎಂಟನೇ ವಯಸ್ಸಿನಲ್ಲಿಯೇ ಭರತನಾಟ್ಯ ಅಭ್ಯಾಸಕ್ಕೆ ಸೇರಿ ನಿರಂತರ ಅಭ್ಯಾಸದಿಂದ ಉತ್ತಮ ನೃತ್ಯಗಾರ್ತಿಯಾಗಿ ಹೊರಹೊಮ್ಮಿದ್ದಾಳೆ. ಪೋಷಕರ ಪ್ರೋತ್ಸಾಹ ಹಾಗೂ ಗುರುಗಳ ಮಾರ್ಗದರ್ಶನದಿಂದ 2022ರಲ್ಲಿ ನಡೆದ ರಾಷ್ಟ್ರಮಟ್ಟದ ಸ್ಪರ್ಧೆಯಲ್ಲಿ ಪ್ರಥಮ ಸ್ಥಾನ ಪಡೆದುಕೊಂಡಿದ್ದು, ಅನೇಕ ವೇದಿಕೆಗಳಲ್ಲಿ ನೃತ್ಯ ಪ್ರದರ್ಶನ ನೀಡಿ ಮೆಚ್ಚುಗೆ ಗಳಿಸಿದ್ದಾಳೆ. ಅವಳ ಸಾಧನೆಗೆ ಗ್ರಾಮಸ್ಥರು ಹಾಗೂ ಶಾಲಾ ಶಿಕ್ಷಕರು ಅಭಿನಂದನೆ ಸಲ್ಲಿಸಿದ್ದಾರೆ.
ಒಂದೂವರೆ ವರ್ಷದ ಪುಟಾಣಿ ಬಾಲಕಿಯಾದ ಹಳಿಯಾಳ ತಾಲೂಕಿನ ಗ್ರಾಮದ ಶ್ರೀಶಕ್ತಿ ಮೇತ್ರಿ ಎನ್ನುವ ಬಾಲಕಿ ಚಿಕ್ಕ ವಯಸ್ಸಿನಲ್ಲಿಯೇ ಭರತನಾಟ್ಯ ಕಲೆಯನ್ನು ಕಲಿಯುತ್ತಿದ್ದು, ರಾಜ್ಯ ಹಾಗೂ ರಾಷ್ಟ್ರಮಟ್ಟದ ಹಲವಾರು ಪ್ರಶಸ್ತಿಗಳನ್ನು ಪಡೆದುಕೊಂಡಿದ್ದಾಳೆ. ತನ್ನ ಎಂಟನೇ ವಯಸ್ಸಿನಲ್ಲಿಯೇ ಭರತನಾಟ್ಯ ಅಭ್ಯಾಸಕ್ಕೆ ಸೇರಿ ನಿರಂತರ ಅಭ್ಯಾಸದಿಂದ ಉತ್ತಮ ನೃತ್ಯಗಾರ್ತಿಯಾಗಿ ಹೊರಹೊಮ್ಮಿದ್ದಾಳೆ. ಪೋಷಕರ ಪ್ರೋತ್ಸಾಹ ಹಾಗೂ ಗುರುಗಳ ಮಾರ್ಗದರ್ಶನದಿಂದ 2022ರಲ್ಲಿ ನಡೆದ ರಾಷ್ಟ್ರಮಟ್ಟದ ಸ್ಪರ್ಧೆಯಲ್ಲಿ ಪ್ರಥಮ ಸ್ಥಾನ ಪಡೆದುಕೊಂಡಿದ್ದು, ಅನೇಕ ವೇದಿಕೆಗಳಲ್ಲಿ ನೃತ್ಯ ಪ್ರದರ್ಶನ ನೀಡಿ ಮೆಚ್ಚುಗೆ ಗಳಿಸಿದ್ದಾಳೆ. ಅವಳ ಸಾಧನೆಗೆ ಗ್ರಾಮಸ್ಥರು ಹಾಗೂ ಶಾಲಾ ಶಿಕ್ಷಕರು ಅಭಿನಂದನೆ ಸಲ್ಲಿಸಿದ್ದಾರೆ.
ಏ.20ರಂದು ಮಲೆನಾಡು ಸಹಕಾರಿ ಸಂಸ್ಥೆಯ ರಜತಮಹೋತ್ಸವ
ಯಲ್ಲಾಪುರ: ಮಲೆನಾಡು ಸಹಕಾರಿ ಸಂಸ್ಥೆಯ ರಜತಮಹೋತ್ಸವ ಏ.20ರಂದು ವಿವಿಧ ಕಾರ್ಯಕ್ರಮಗಳೊಂದಿಗೆ ಅದ್ದೂರಿಯಾಗಿ ನಡೆಯಲಿದೆ ಎಂದು ಮಲೆನಾಡು ಸೌಹಾರ್ದ ಕ್ರೆಡಿಟ್ ಸಹಕಾರಿ ನಿಯಮಿತದ ಅಧ್ಯಕ್ಷರು ಹೇಳಿದರು. ಅವರು ಈ ಕುರಿತು ಮಂಗಳವಾರ ಪಟ್ಟಣದಲ್ಲಿ ಏರ್ಪಡಿಸಿದ್ದ ಸುದ್ದಿಗೋಷ್ಠಿಯಲ್ಲಿ ಮಾತನಾಡಿ, ಏ 20 ರಂದು ಬೆಳಿಗ್ಗೆ 10ಕ್ಕೆ ಪಟ್ಟಣದ ಎಪಿಎಂಸಿ ಸಭಾಭವನದಲ್ಲಿ ನಡೆಯುವ ಕಾರ್ಯಕ್ರಮವನ್ನು ಸಚಿವರು ಉದ್ಘಾಟಿಸುವರು. ಸಂಸ್ಥೆಯ ಬೆಳವಣಿಗೆಯ ಕುರಿತು ಸ್ಮರಣ ಸಂಚಿಕೆ ಬಿಡುಗಡೆ ಮಾಡಲಾಗುವುದು. ಸಂಸ್ಥೆ 25 ವರ್ಷಗಳಲ್ಲಿ ಸದಸ್ಯರ ಸಹಕಾರದಿಂದ ಉತ್ತಮ ಪ್ರಗತಿ ಸಾಧಿಸಿದೆ ಎಂದು ವಿವರಿಸಿದರು. ಸಂಸ್ಥೆಯ ಉಪಾಧ್ಯಕ್ಷ, ನಿರ್ದೇಶಕರು, ಪ್ರಧಾನ ವ್ಯವಸ್ಥಾಪಕರು ಹಾಗೂ ಸಿಬ್ಬಂದಿ ಸುದ್ದಿಗೋಷ್ಠಿಯಲ್ಲಿ ಉಪಸ್ಥಿತರಿದ್ದರು.
ರಜತ ಮಹೋತ್ಸವ ಆಮಂತ್ರಣ
ಮಲೆನಾಡು ಸಹಕಾರಿ ಸಂಸ್ಥೆಯ ರಜತಮಹೋತ್ಸವ ಏ.20ರಂದು ವಿವಿಧ ಕಾರ್ಯಕ್ರಮಗಳೊಂದಿಗೆ ಅದ್ದೂರಿಯಾಗಿ ನಡೆಯಲಿದೆ ಎಂದು ಮಲೆನಾಡು ಸೌಹಾರ್ದ ಕ್ರೆಡಿಟ್ ಸಹಕಾರಿ ನಿಯಮಿತದ ಅಧ್ಯಕ್ಷರು ಹೇಳಿದರು. ಅವರು ಈ ಕುರಿತು ಮಂಗಳವಾರ ಪಟ್ಟಣದಲ್ಲಿ ಏರ್ಪಡಿಸಿದ್ದ ಸುದ್ದಿಗೋಷ್ಠಿಯಲ್ಲಿ ಮಾತನಾಡಿ, ಏ 20 ರಂದು ಬೆಳಿಗ್ಗೆ 10ಕ್ಕೆ ಪಟ್ಟಣದ ಎಪಿಎಂಸಿ ಸಭಾಭವನದಲ್ಲಿ ನಡೆಯುವ ಕಾರ್ಯಕ್ರಮವನ್ನು ಸಚಿವರು ಉದ್ಘಾಟಿಸುವರು. ಸಂಸ್ಥೆಯ ಬೆಳವಣಿಗೆಯ ಕುರಿತು ಸ್ಮರಣ ಸಂಚಿಕೆ ಬಿಡುಗಡೆ ಮಾಡಲಾಗುವುದು. ಸಂಸ್ಥೆ 25 ವರ್ಷಗಳಲ್ಲಿ ಸದಸ್ಯರ ಸಹಕಾರದಿಂದ ಉತ್ತಮ ಪ್ರಗತಿ ಸಾಧಿಸಿದೆ ಎಂದು ವಿವರಿಸಿದರು. ಸಂಸ್ಥೆಯ ಉಪಾಧ್ಯಕ್ಷ, ನಿರ್ದೇಶಕರು, ಪ್ರಧಾನ ವ್ಯವಸ್ಥಾಪಕರು ಹಾಗೂ ಸಿಬ್ಬಂದಿ ಸುದ್ದಿಗೋಷ್ಠಿಯಲ್ಲಿ ಉಪಸ್ಥಿತರಿದ್ದರು.
ಶಾಂತಾದುರ್ಗಾ ದೇವಾಲಯಕ್ಕೆ ತಾಮ್ರದ ಮೇಲ್ಛಾವಣಿ ಅಳವಡಿಸಲು ನಿರ್ಧಾರ
ಅಂಕೋಲಾ: ತಾಲೂಕಿನ ಶಕ್ತಿ ದೇವತೆ, ಗ್ರಾಮದೇವಿಯಾಗಿ ನೆಲೆ ನಿಂತಿರುವ ಶಾಂತಾದುರ್ಗಾ ದೇವಾಲಯದ ಮೇಲ್ಛಾವಣಿಯನ್ನು ತಾಮ್ರದಿಂದ ನಿರ್ಮಿಸಲು ದೇವಾಲಯದ ಆಡಳಿತ ಮಂಡಳಿ ಹಾಗೂ ಭಕ್ತರ ಸಭೆಯಲ್ಲಿ ನಿರ್ಧರಿಸಲಾಯಿತು. ದೇವಾಲಯದ ಸಭಾಂಗಣದಲ್ಲಿ ನಡೆದ ಸಭೆಯಲ್ಲಿ ಈ ನಿರ್ಣಯ ಕೈಗೊಳ್ಳಲಾಯಿತು. ಇತಿಹಾಸ ಪ್ರಸಿದ್ಧ ಶಾಂತಾದುರ್ಗಾ ದೇವಾಲಯ ಸುಮಾರು ಒಂದೂವರೆ ಶತಮಾನಗಳ ಹಿಂದೆ ನಿರ್ಮಾಣವಾಗಿದ್ದು, 1928ರಲ್ಲಿ ಜೀರ್ಣೋದ್ಧಾರ ಮಾಡಲಾಗಿತ್ತು. ಈ ವರೆಗೆ ದೇವಾಲಯದ ಮೇಲ್ಛಾವಣಿ ಹಂಚಿನಿಂದ ನಿರ್ಮಿತವಾಗಿದ್ದು, ಇದೀಗ ತಾಮ್ರದ ಮೇಲ್ಛಾವಣಿ ಅಳವಡಿಸಲು ಸುಮಾರು 2.50 ಕೋಟಿ ರೂ. ವೆಚ್ಚ ಅಂದಾಜಿಸಲಾಗಿದೆ. ಭಕ್ತರು ಉದಾರವಾಗಿ ದೇಣಿಗೆ ನೀಡಿ ಸಹಕರಿಸಬೇಕು ಎಂದು ಆಡಳಿತ ಮಂಡಳಿ ಮನವಿ ಮಾಡಿದೆ. ದೇಣಿಗೆ ನೀಡಲು ಬಯಸುವವರು ದೇವಾಲಯದ ಬ್ಯಾಂಕ್ ಖಾತೆ: ಎ.ಎನ್.ಕೆ. ಎಸ್.ಬಿ. 012100100008647 ಐ.ಎಫ್.ಎಸ್.ಸಿ ಕೋಡ್: IDIBOCB-KASU ಗೆ ಜಮೆ ಮಾಡಬಹುದು ಅಥವಾ 7975659455 ಸಂಪರ್ಕಿಸಬಹುದು. ಸಭೆಯಲ್ಲಿ ದೇವಾಲಯದ ಅಧ್ಯಕ್ಷ ಸುರೇಶ ಶೆಟ್ಟಿ, ಕಾರ್ಯದರ್ಶಿ, ಸದಸ್ಯರು ಹಾಗೂ ಊರಿನ ಪ್ರಮುಖರು ಉಪಸ್ಥಿತರಿದ್ದರು. ಸುರೇಶ ಶೆಟ್ಟಿ ಸ್ವಾಗತಿಸಿದರು, ಸುರೇಶ ಮೇಸ್ತ ವಂದಿಸಿದರು.
ತಾಲೂಕಿನ ಶಕ್ತಿ ದೇವತೆ, ಗ್ರಾಮದೇವಿಯಾಗಿ ನೆಲೆ ನಿಂತಿರುವ ಶಾಂತಾದುರ್ಗಾ ದೇವಾಲಯದ ಮೇಲ್ಛಾವಣಿಯನ್ನು ತಾಮ್ರದಿಂದ ನಿರ್ಮಿಸಲು ದೇವಾಲಯದ ಆಡಳಿತ ಮಂಡಳಿ ಹಾಗೂ ಭಕ್ತರ ಸಭೆಯಲ್ಲಿ ನಿರ್ಧರಿಸಲಾಯಿತು. ದೇವಾಲಯದ ಸಭಾಂಗಣದಲ್ಲಿ ನಡೆದ ಸಭೆಯಲ್ಲಿ ಈ ನಿರ್ಣಯ ಕೈಗೊಳ್ಳಲಾಯಿತು. ಇತಿಹಾಸ ಪ್ರಸಿದ್ಧ ಶಾಂತಾದುರ್ಗಾ ದೇವಾಲಯ ಸುಮಾರು ಒಂದೂವರೆ ಶತಮಾನಗಳ ಹಿಂದೆ ನಿರ್ಮಾಣವಾಗಿದ್ದು, 1928ರಲ್ಲಿ ಜೀರ್ಣೋದ್ಧಾರ ಮಾಡಲಾಗಿತ್ತು. ಈ ವರೆಗೆ ದೇವಾಲಯದ ಮೇಲ್ಛಾವಣಿ ಹಂಚಿನಿಂದ ನಿರ್ಮಿತವಾಗಿದ್ದು, ಇದೀಗ ತಾಮ್ರದ ಮೇಲ್ಛಾವಣಿ ಅಳವಡಿಸಲು ಸುಮಾರು 2.50 ಕೋಟಿ ರೂ. ವೆಚ್ಚ ಅಂದಾಜಿಸಲಾಗಿದೆ. ಭಕ್ತರು ಉದಾರವಾಗಿ ದೇಣಿಗೆ ನೀಡಿ ಸಹಕರಿಸಬೇಕು ಎಂದು ಆಡಳಿತ ಮಂಡಳಿ ಮನವಿ ಮಾಡಿದೆ. ದೇಣಿಗೆ ನೀಡಲು ಬಯಸುವವರು ದೇವಾಲಯದ ಬ್ಯಾಂಕ್ ಖಾತೆ: ಎ.ಎನ್.ಕೆ. ಎಸ್.ಬಿ. 012100100008647 ಐ.ಎಫ್.ಎಸ್.ಸಿ ಕೋಡ್: IDIBOCB-KASU ಗೆ ಜಮೆ ಮಾಡಬಹುದು ಅಥವಾ 7975659455 ಸಂಪರ್ಕಿಸಬಹುದು. ಸಭೆಯಲ್ಲಿ ದೇವಾಲಯದ ಅಧ್ಯಕ್ಷ ಸುರೇಶ ಶೆಟ್ಟಿ, ಕಾರ್ಯದರ್ಶಿ, ಸದಸ್ಯರು ಹಾಗೂ ಊರಿನ ಪ್ರಮುಖರು ಉಪಸ್ಥಿತರಿದ್ದರು. ಸುರೇಶ ಶೆಟ್ಟಿ ಸ್ವಾಗತಿಸಿದರು, ಸುರೇಶ ಮೇಸ್ತ ವಂದಿಸಿದರು.
